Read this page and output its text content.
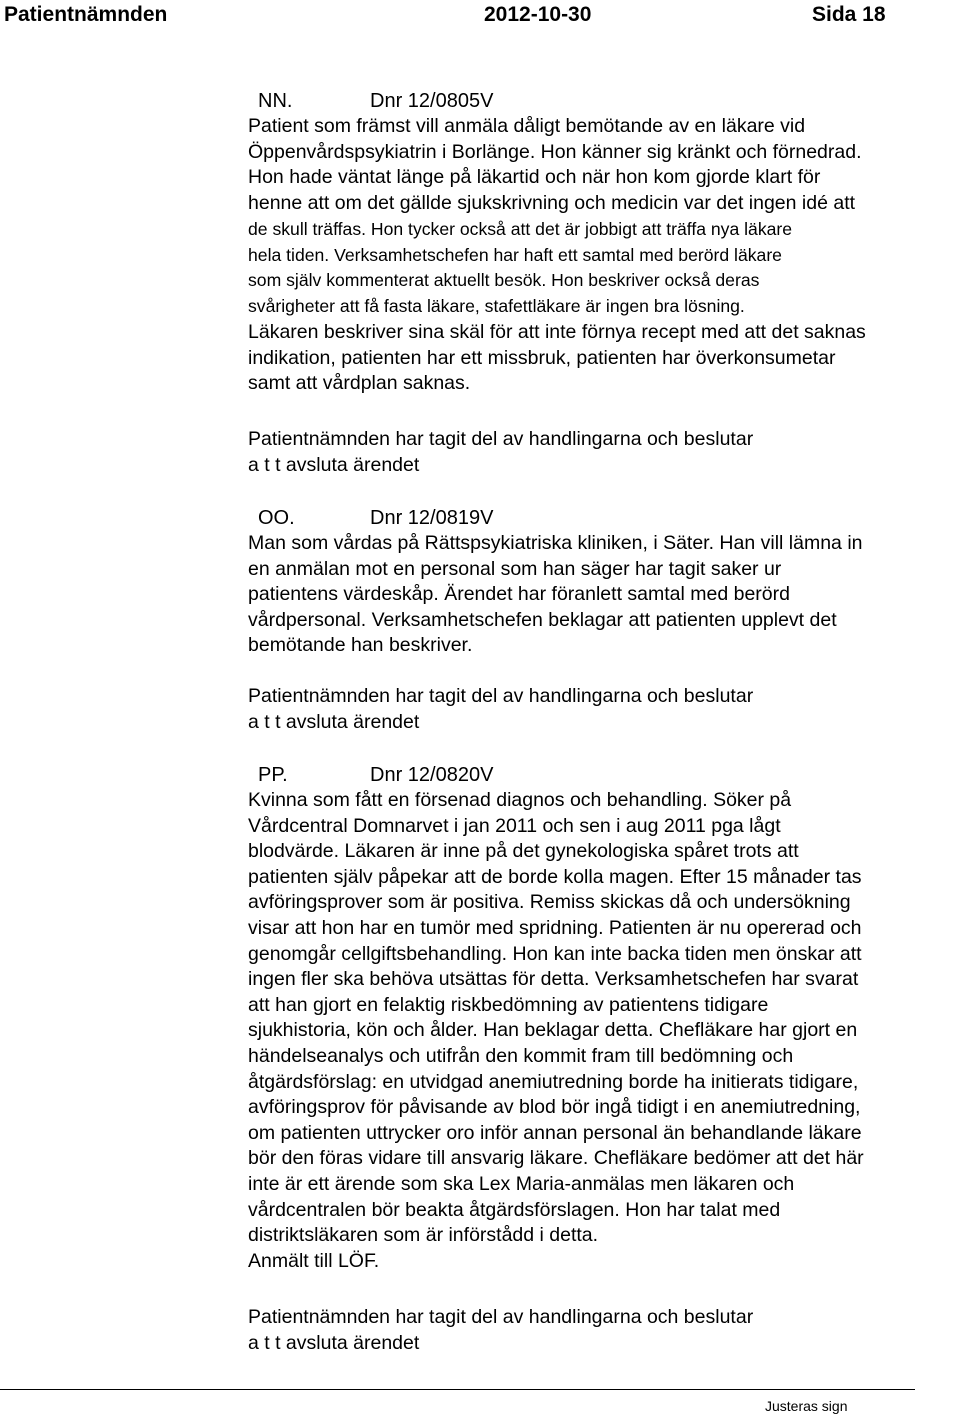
Patientnämnden	2012-10-30	Sida 18
NN.	Dnr 12/0805V
Patient som främst vill anmäla dåligt bemötande av en läkare vid
Öppenvårdspsykiatrin i Borlänge. Hon känner sig kränkt och förnedrad.
Hon hade väntat länge på läkartid och när hon kom gjorde klart för
henne att om det gällde sjukskrivning och medicin var det ingen idé att
de skull träffas. Hon tycker också att det är jobbigt att träffa nya läkare
hela tiden. Verksamhetschefen har haft ett samtal med berörd läkare
som själv kommenterat aktuellt besök. Hon beskriver också deras
svårigheter att få fasta läkare, stafettläkare är ingen bra lösning.
Läkaren beskriver sina skäl för att inte förnya recept med att det saknas
indikation, patienten har ett missbruk, patienten har överkonsumetar
samt att vårdplan saknas.
Patientnämnden har tagit del av handlingarna och beslutar
a t t avsluta ärendet
OO.	Dnr 12/0819V
Man som vårdas på Rättspsykiatriska kliniken, i Säter. Han vill lämna in
en anmälan mot en personal som han säger har tagit saker ur
patientens värdeskåp. Ärendet har föranlett samtal med berörd
vårdpersonal. Verksamhetschefen beklagar att patienten upplevt det
bemötande han beskriver.
Patientnämnden har tagit del av handlingarna och beslutar
a t t avsluta ärendet
PP.	Dnr 12/0820V
Kvinna som fått en försenad diagnos och behandling. Söker på
Vårdcentral Domnarvet i jan 2011 och sen i aug 2011 pga lågt
blodvärde. Läkaren är inne på det gynekologiska spåret trots att
patienten själv påpekar att de borde kolla magen. Efter 15 månader tas
avföringsprover som är positiva. Remiss skickas då och undersökning
visar att hon har en tumör med spridning. Patienten är nu opererad och
genomgår cellgiftsbehandling. Hon kan inte backa tiden men önskar att
ingen fler ska behöva utsättas för detta. Verksamhetschefen har svarat
att han gjort en felaktig riskbedömning av patientens tidigare
sjukhistoria, kön och ålder. Han beklagar detta. Chefläkare har gjort en
händelseanalys och utifrån den kommit fram till bedömning och
åtgärdsförslag: en utvidgad anemiutredning borde ha initierats tidigare,
avföringsprov för påvisande av blod bör ingå tidigt i en anemiutredning,
om patienten uttrycker oro inför annan personal än behandlande läkare
bör den föras vidare till ansvarig läkare. Chefläkare bedömer att det här
inte är ett ärende som ska Lex Maria-anmälas men läkaren och
vårdcentralen bör beakta åtgärdsförslagen. Hon har talat med
distriktsläkaren som är införstådd i detta.
Anmält till LÖF.
Patientnämnden har tagit del av handlingarna och beslutar
a t t avsluta ärendet
Justeras sign
